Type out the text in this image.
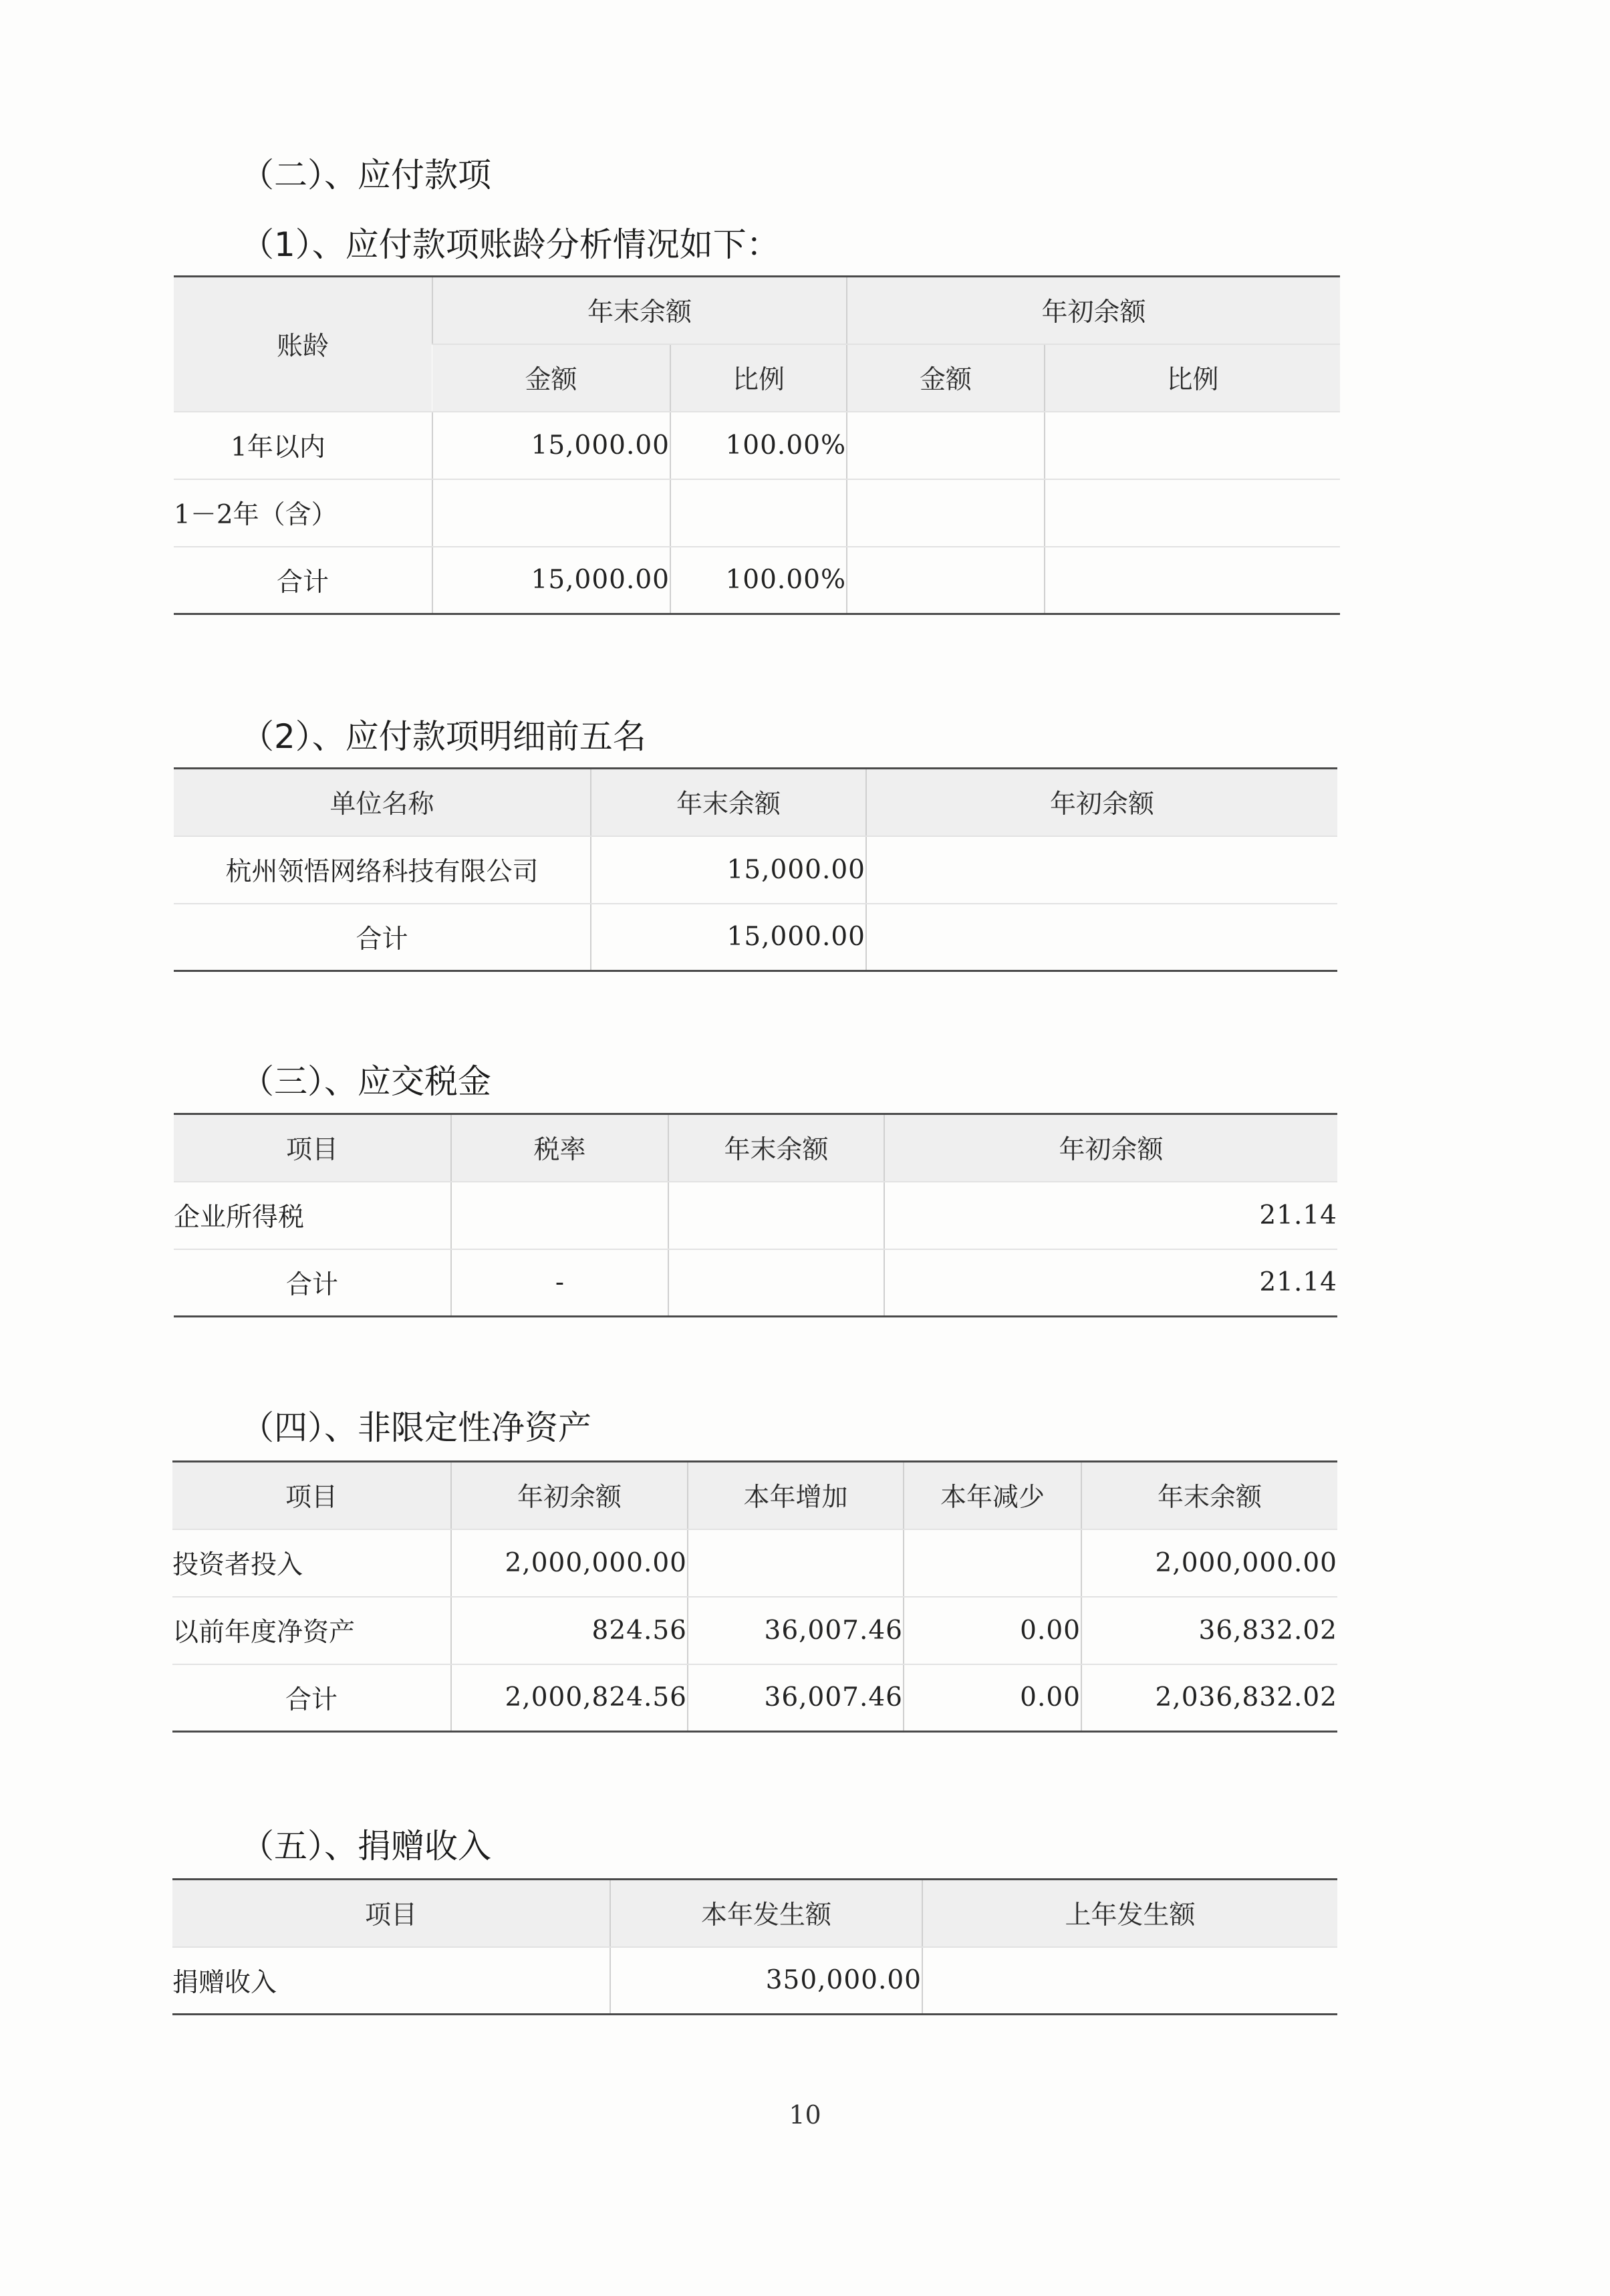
（二）、应付款项
（1）、应付款项账龄分析情况如下：
账龄	年末余额		年初余额	
	金额	比例	金额	比例
1年以内	15,000.00	100.00%		
1－2年（含）				
合计	15,000.00	100.00%		
（2）、应付款项明细前五名
单位名称	年末余额	年初余额
杭州领悟网络科技有限公司	15,000.00	
合计	15,000.00	
（三）、应交税金
项目	税率	年末余额	年初余额
企业所得税			21.14
合计	-		21.14
（四）、非限定性净资产
项目	年初余额	本年增加	本年减少	年末余额
投资者投入	2,000,000.00			2,000,000.00
以前年度净资产	824.56	36,007.46	0.00	36,832.02
合计	2,000,824.56	36,007.46	0.00	2,036,832.02
（五）、捐赠收入
项目	本年发生额	上年发生额
捐赠收入	350,000.00	
10
